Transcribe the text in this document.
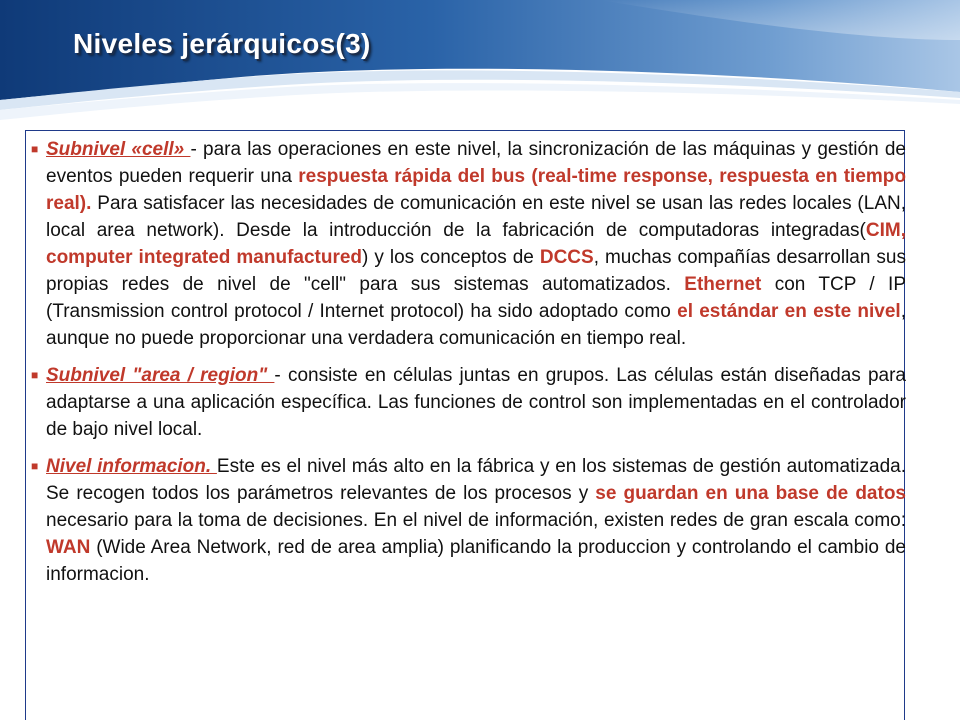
Niveles jerárquicos(3)
■ Subnivel «cell» - para las operaciones en este nivel, la sincronización de las máquinas y gestión de eventos pueden requerir una respuesta rápida del bus (real-time response, respuesta en tiempo real). Para satisfacer las necesidades de comunicación en este nivel se usan las redes locales (LAN, local area network). Desde la introducción de la fabricación de computadoras integradas(CIM, computer integrated manufactured) y los conceptos de DCCS, muchas compañías desarrollan sus propias redes de nivel de "cell" para sus sistemas automatizados. Ethernet con TCP / IP (Transmission control protocol / Internet protocol) ha sido adoptado como el estándar en este nivel, aunque no puede proporcionar una verdadera comunicación en tiempo real.
■ Subnivel "area / region" - consiste en células juntas en grupos. Las células están diseñadas para adaptarse a una aplicación específica. Las funciones de control son implementadas en el controlador de bajo nivel local.
■ Nivel informacion. Este es el nivel más alto en la fábrica y en los sistemas de gestión automatizada. Se recogen todos los parámetros relevantes de los procesos y se guardan en una base de datos necesario para la toma de decisiones. En el nivel de información, existen redes de gran escala como: WAN (Wide Area Network, red de area amplia) planificando la produccion y controlando el cambio de informacion.
